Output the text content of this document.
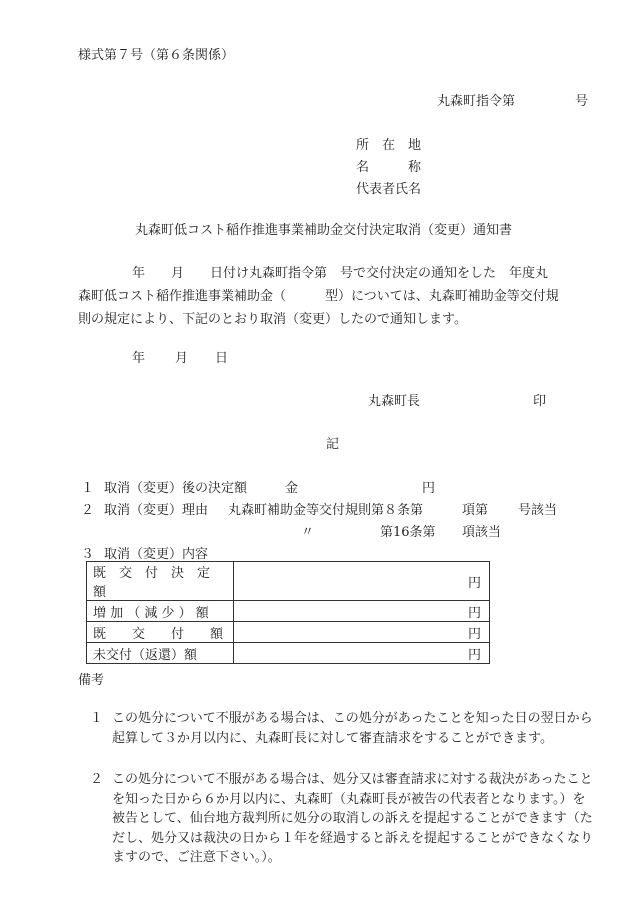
様式第７号（第６条関係）
丸森町指令第	号
所　在　地
名　　　称
代表者氏名
丸森町低コスト稲作推進事業補助金交付決定取消（変更）通知書
年　　月　　日付け丸森町指令第　号で交付決定の通知をした　年度丸
森町低コスト稲作推進事業補助金（　　　型）については、丸森町補助金等交付規
則の規定により、下記のとおり取消（変更）したので通知します。
年 月 日
丸森町長	印
記
１ 取消（変更）後の決定額	金	円
２ 取消（変更）理由 丸森町補助金等交付規則第８条第	項第 号該当
〃	第16条第 項該当
３ 取消（変更）内容
既　交　付　決　定　額	円
増 加 （ 減 少 ） 額	円
既　　交　　付　　額	円
未交付（返還）額	円
備考
１ この処分について不服がある場合は、この処分があったことを知った日の翌日から起算して３か月以内に、丸森町長に対して審査請求をすることができます。
２ この処分について不服がある場合は、処分又は審査請求に対する裁決があったことを知った日から６か月以内に、丸森町（丸森町長が被告の代表者となります。）を被告として、仙台地方裁判所に処分の取消しの訴えを提起することができます（ただし、処分又は裁決の日から１年を経過すると訴えを提起することができなくなりますので、ご注意下さい。）。
